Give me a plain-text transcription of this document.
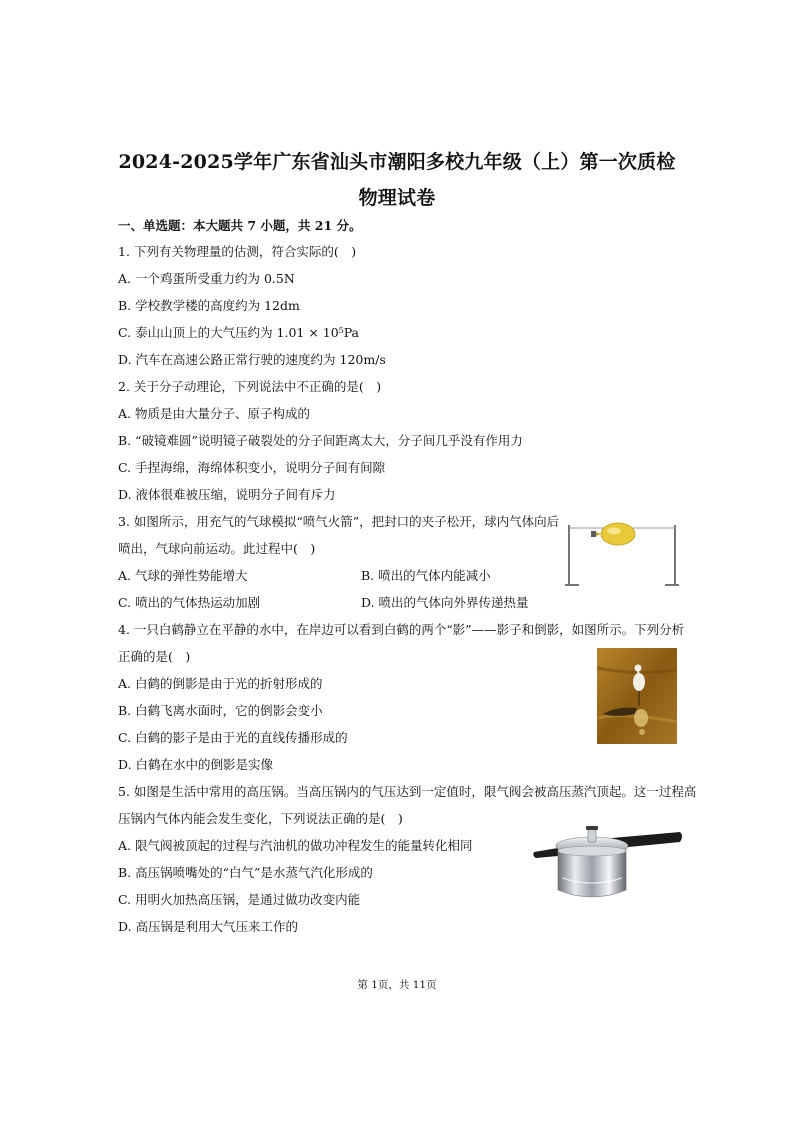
2024-2025学年广东省汕头市潮阳多校九年级（上）第一次质检
物理试卷
一、单选题：本大题共 7 小题，共 21 分。
1. 下列有关物理量的估测，符合实际的(　)
A. 一个鸡蛋所受重力约为 0.5N
B. 学校教学楼的高度约为 12dm
C. 泰山山顶上的大气压约为 1.01 × 10⁵Pa
D. 汽车在高速公路正常行驶的速度约为 120m/s
2. 关于分子动理论，下列说法中不正确的是(　)
A. 物质是由大量分子、原子构成的
B. “破镜难圆”说明镜子破裂处的分子间距离太大，分子间几乎没有作用力
C. 手捏海绵，海绵体积变小，说明分子间有间隙
D. 液体很难被压缩，说明分子间有斥力
3. 如图所示，用充气的气球模拟“喷气火箭”，把封口的夹子松开，球内气体向后
喷出，气球向前运动。此过程中(　)
A. 气球的弹性势能增大	B. 喷出的气体内能减小
C. 喷出的气体热运动加剧	D. 喷出的气体向外界传递热量
4. 一只白鹤静立在平静的水中，在岸边可以看到白鹤的两个“影”——影子和倒影，如图所示。下列分析
正确的是(　)
A. 白鹤的倒影是由于光的折射形成的
B. 白鹤飞离水面时，它的倒影会变小
C. 白鹤的影子是由于光的直线传播形成的
D. 白鹤在水中的倒影是实像
5. 如图是生活中常用的高压锅。当高压锅内的气压达到一定值时，限气阀会被高压蒸汽顶起。这一过程高
压锅内气体内能会发生变化，下列说法正确的是(　)
A. 限气阀被顶起的过程与汽油机的做功冲程发生的能量转化相同
B. 高压锅喷嘴处的“白气”是水蒸气汽化形成的
C. 用明火加热高压锅，是通过做功改变内能
D. 高压锅是利用大气压来工作的
第 1页，共 11页
